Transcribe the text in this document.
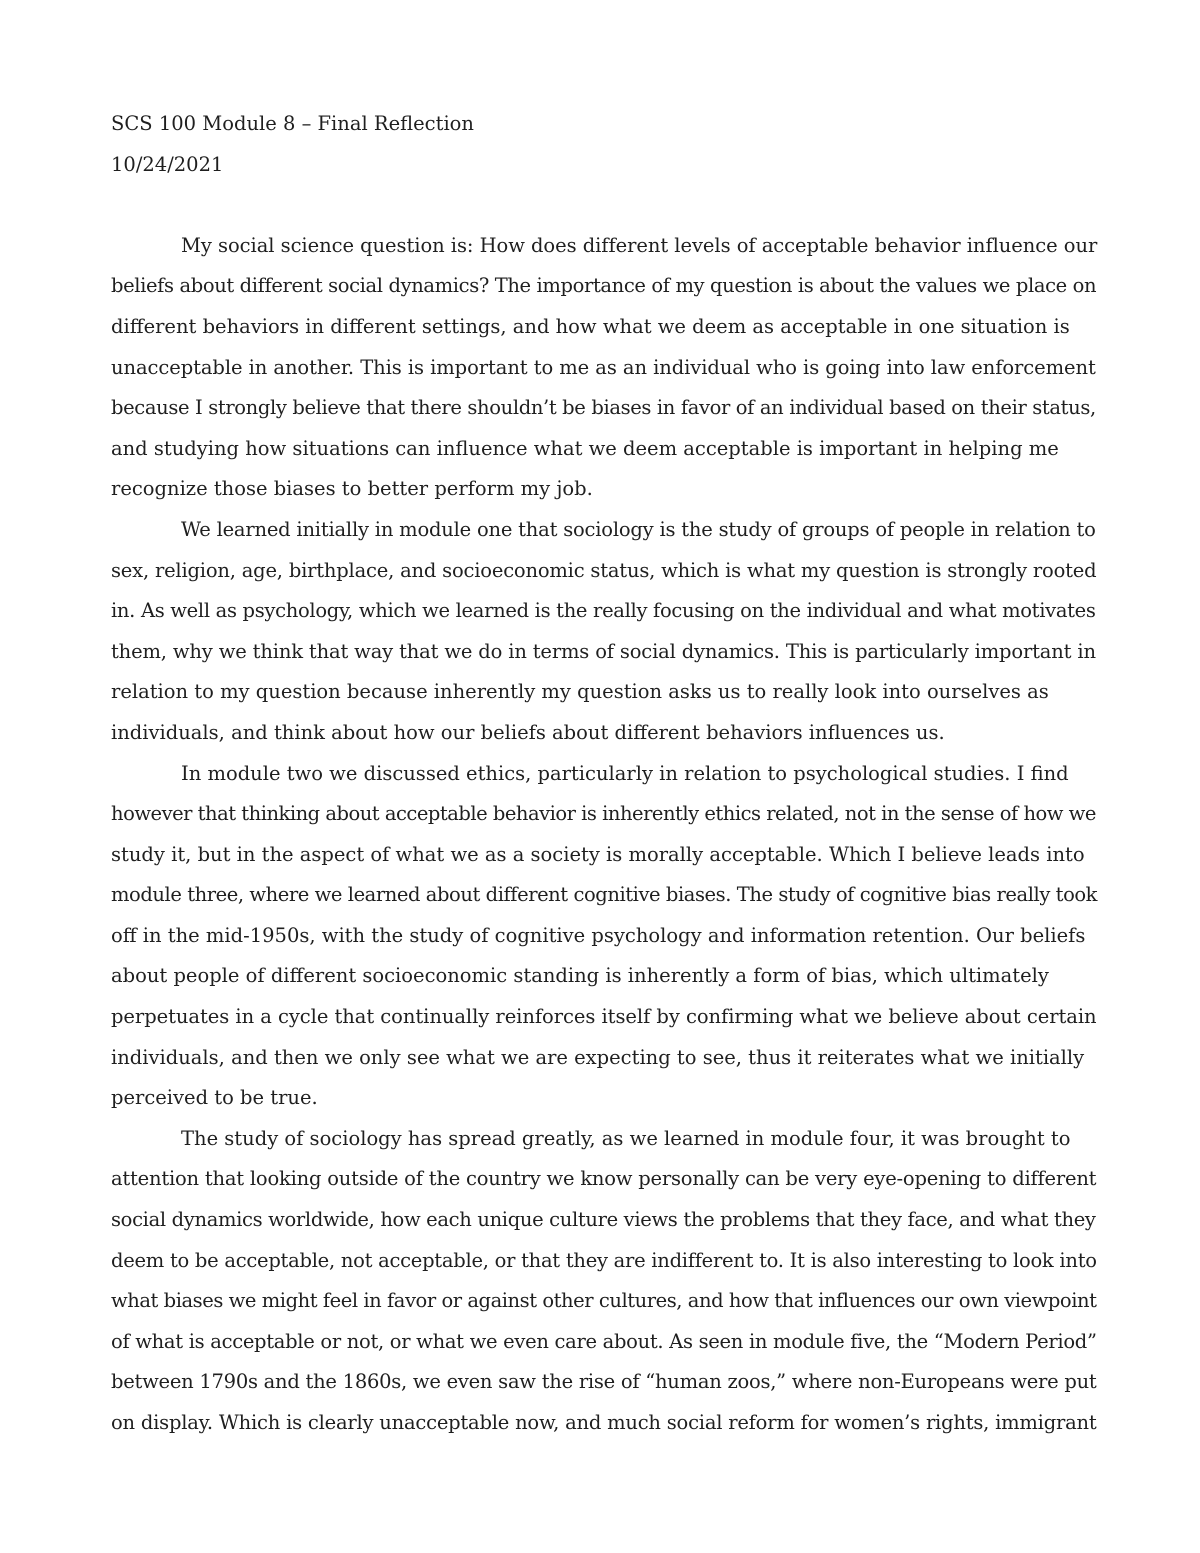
SCS 100 Module 8 – Final Reflection
10/24/2021
My social science question is: How does different levels of acceptable behavior influence our
beliefs about different social dynamics? The importance of my question is about the values we place on
different behaviors in different settings, and how what we deem as acceptable in one situation is
unacceptable in another. This is important to me as an individual who is going into law enforcement
because I strongly believe that there shouldn’t be biases in favor of an individual based on their status,
and studying how situations can influence what we deem acceptable is important in helping me
recognize those biases to better perform my job.
We learned initially in module one that sociology is the study of groups of people in relation to
sex, religion, age, birthplace, and socioeconomic status, which is what my question is strongly rooted
in. As well as psychology, which we learned is the really focusing on the individual and what motivates
them, why we think that way that we do in terms of social dynamics. This is particularly important in
relation to my question because inherently my question asks us to really look into ourselves as
individuals, and think about how our beliefs about different behaviors influences us.
In module two we discussed ethics, particularly in relation to psychological studies. I find
however that thinking about acceptable behavior is inherently ethics related, not in the sense of how we
study it, but in the aspect of what we as a society is morally acceptable. Which I believe leads into
module three, where we learned about different cognitive biases. The study of cognitive bias really took
off in the mid-1950s, with the study of cognitive psychology and information retention. Our beliefs
about people of different socioeconomic standing is inherently a form of bias, which ultimately
perpetuates in a cycle that continually reinforces itself by confirming what we believe about certain
individuals, and then we only see what we are expecting to see, thus it reiterates what we initially
perceived to be true.
The study of sociology has spread greatly, as we learned in module four, it was brought to
attention that looking outside of the country we know personally can be very eye-opening to different
social dynamics worldwide, how each unique culture views the problems that they face, and what they
deem to be acceptable, not acceptable, or that they are indifferent to. It is also interesting to look into
what biases we might feel in favor or against other cultures, and how that influences our own viewpoint
of what is acceptable or not, or what we even care about. As seen in module five, the “Modern Period”
between 1790s and the 1860s, we even saw the rise of “human zoos,” where non-Europeans were put
on display. Which is clearly unacceptable now, and much social reform for women’s rights, immigrant
